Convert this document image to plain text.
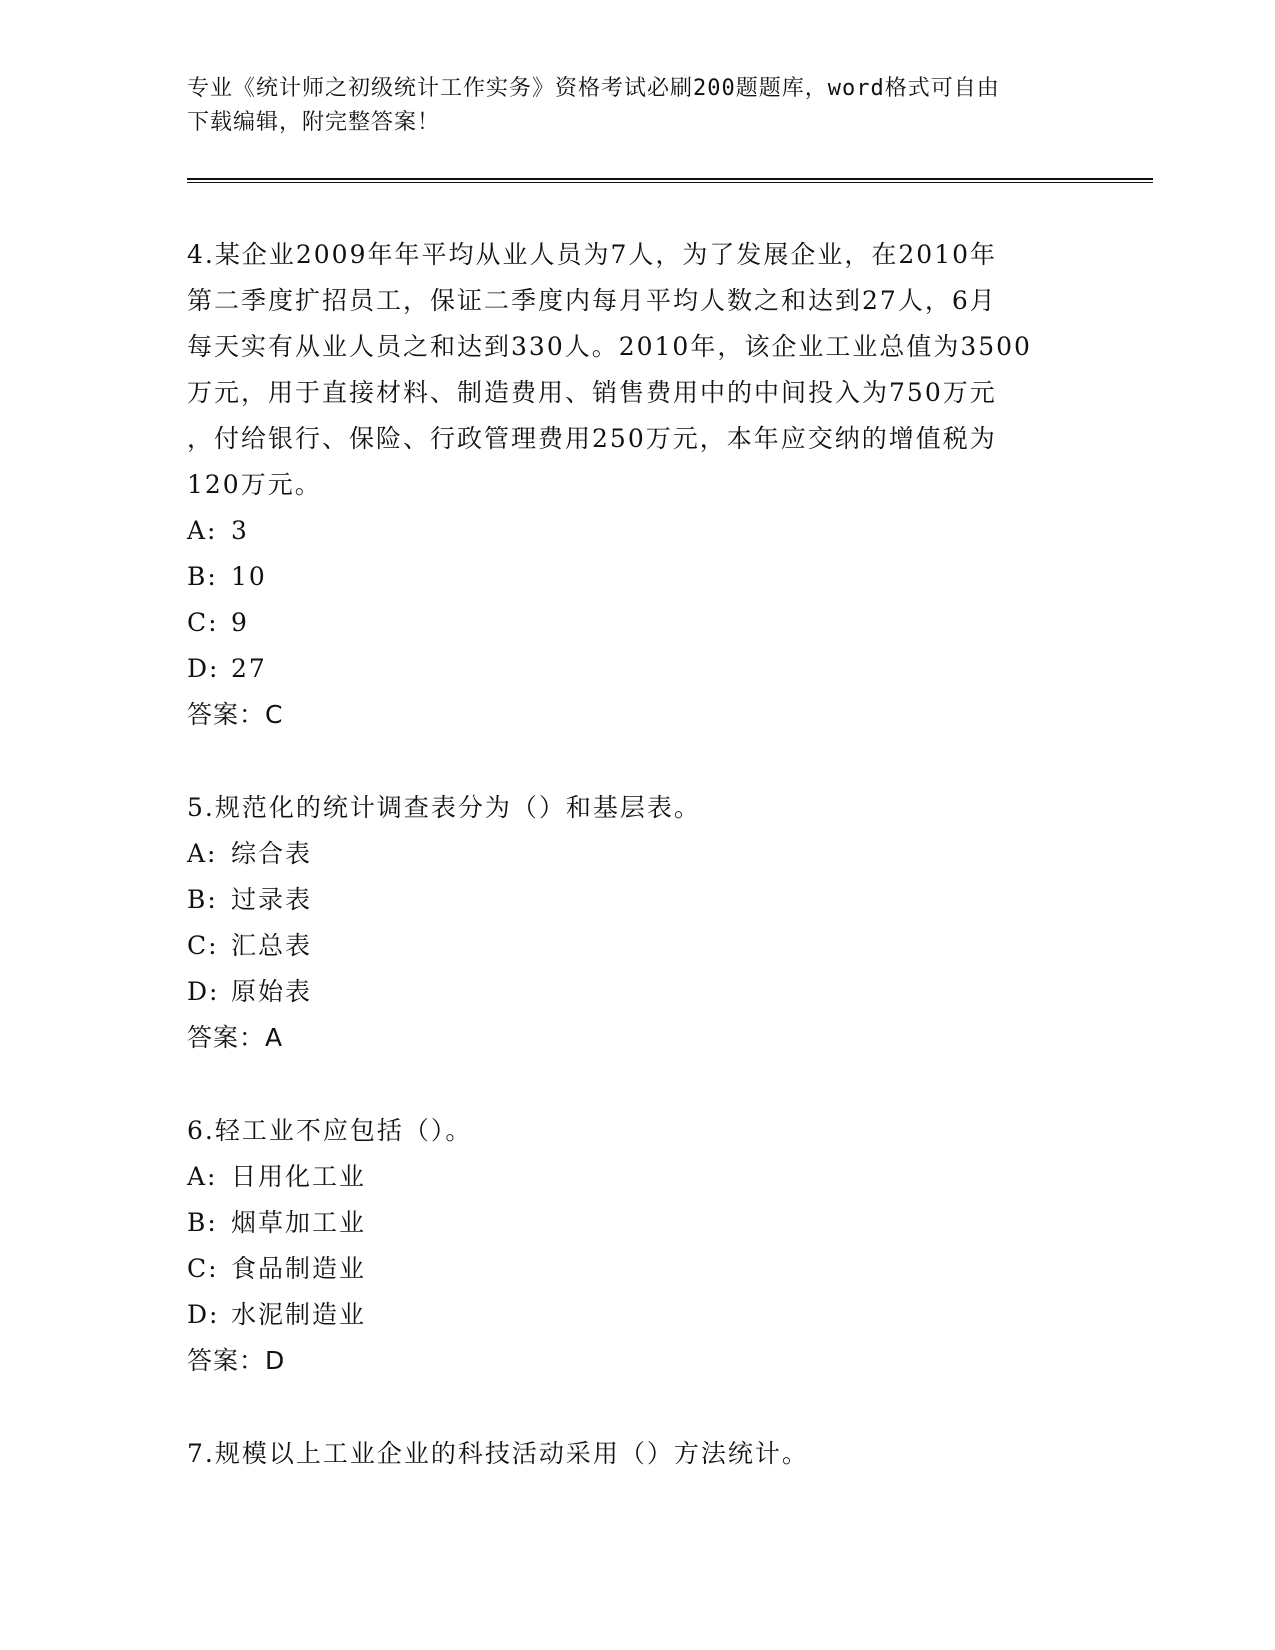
专业《统计师之初级统计工作实务》资格考试必刷200题题库，word格式可自由
下载编辑，附完整答案！

4.某企业2009年年平均从业人员为7人，为了发展企业，在2010年
第二季度扩招员工，保证二季度内每月平均人数之和达到27人，6月
每天实有从业人员之和达到330人。2010年，该企业工业总值为3500
万元，用于直接材料、制造费用、销售费用中的中间投入为750万元
，付给银行、保险、行政管理费用250万元，本年应交纳的增值税为
120万元。

A: 3

B: 10

C: 9

D: 27

答案：C

5.规范化的统计调查表分为（）和基层表。

A: 综合表

B: 过录表

C: 汇总表

D: 原始表

答案：A

6.轻工业不应包括（）。

A: 日用化工业

B: 烟草加工业

C: 食品制造业

D: 水泥制造业

答案：D

7.规模以上工业企业的科技活动采用（）方法统计。
